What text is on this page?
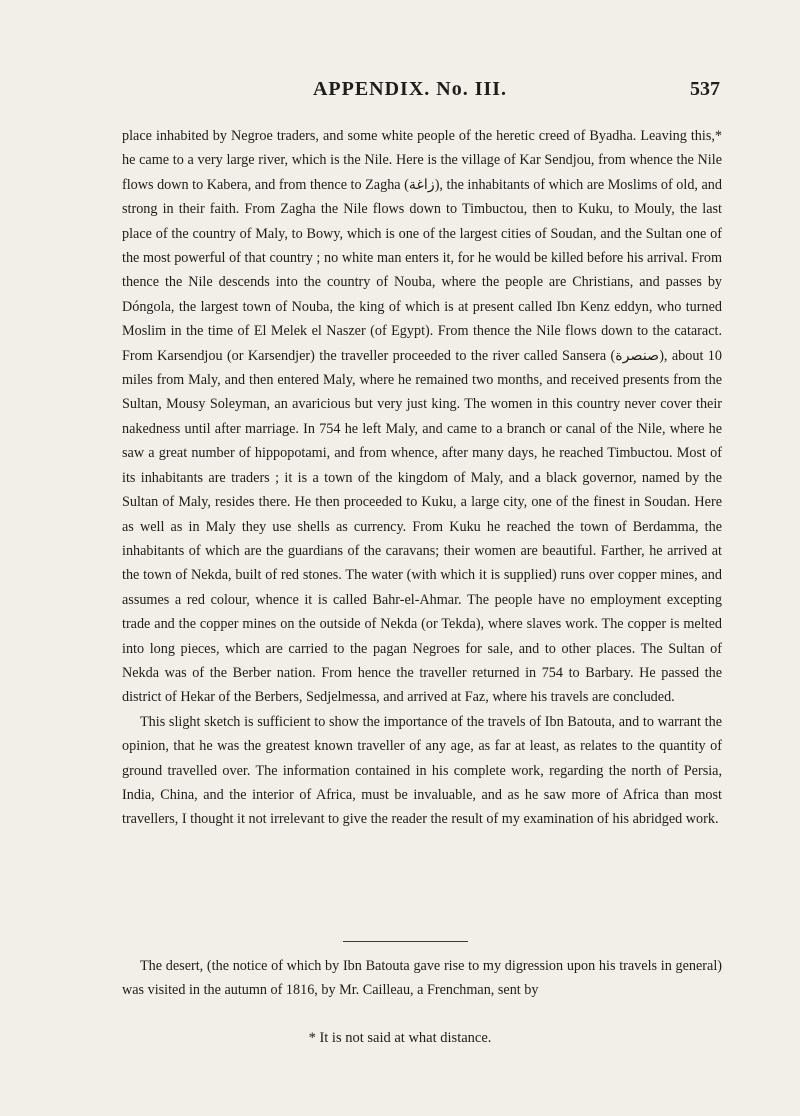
APPENDIX. No. III.	537

place inhabited by Negroe traders, and some white people of the heretic creed of Byadha. Leaving this,* he came to a very large river, which is the Nile. Here is the village of Kar Sendjou, from whence the Nile flows down to Kabera, and from thence to Zagha (زاغة), the inhabitants of which are Moslims of old, and strong in their faith. From Zagha the Nile flows down to Timbuctou, then to Kuku, to Mouly, the last place of the country of Maly, to Bowy, which is one of the largest cities of Soudan, and the Sultan one of the most powerful of that country ; no white man enters it, for he would be killed before his arrival. From thence the Nile descends into the country of Nouba, where the people are Christians, and passes by Dóngola, the largest town of Nouba, the king of which is at present called Ibn Kenz eddyn, who turned Moslim in the time of El Melek el Naszer (of Egypt). From thence the Nile flows down to the cataract. From Karsendjou (or Karsendjer) the traveller proceeded to the river called Sansera (صنصرة), about 10 miles from Maly, and then entered Maly, where he remained two months, and received presents from the Sultan, Mousy Soleyman, an avaricious but very just king. The women in this country never cover their nakedness until after marriage. In 754 he left Maly, and came to a branch or canal of the Nile, where he saw a great number of hippopotami, and from whence, after many days, he reached Timbuctou. Most of its inhabitants are traders ; it is a town of the kingdom of Maly, and a black governor, named by the Sultan of Maly, resides there. He then proceeded to Kuku, a large city, one of the finest in Soudan. Here as well as in Maly they use shells as currency. From Kuku he reached the town of Berdamma, the inhabitants of which are the guardians of the caravans; their women are beautiful. Farther, he arrived at the town of Nekda, built of red stones. The water (with which it is supplied) runs over copper mines, and assumes a red colour, whence it is called Bahr-el-Ahmar. The people have no employment excepting trade and the copper mines on the outside of Nekda (or Tekda), where slaves work. The copper is melted into long pieces, which are carried to the pagan Negroes for sale, and to other places. The Sultan of Nekda was of the Berber nation. From hence the traveller returned in 754 to Barbary. He passed the district of Hekar of the Berbers, Sedjelmessa, and arrived at Faz, where his travels are concluded.

This slight sketch is sufficient to show the importance of the travels of Ibn Batouta, and to warrant the opinion, that he was the greatest known traveller of any age, as far at least, as relates to the quantity of ground travelled over. The information contained in his complete work, regarding the north of Persia, India, China, and the interior of Africa, must be invaluable, and as he saw more of Africa than most travellers, I thought it not irrelevant to give the reader the result of my examination of his abridged work.

The desert, (the notice of which by Ibn Batouta gave rise to my digression upon his travels in general) was visited in the autumn of 1816, by Mr. Cailleau, a Frenchman, sent by

* It is not said at what distance.
